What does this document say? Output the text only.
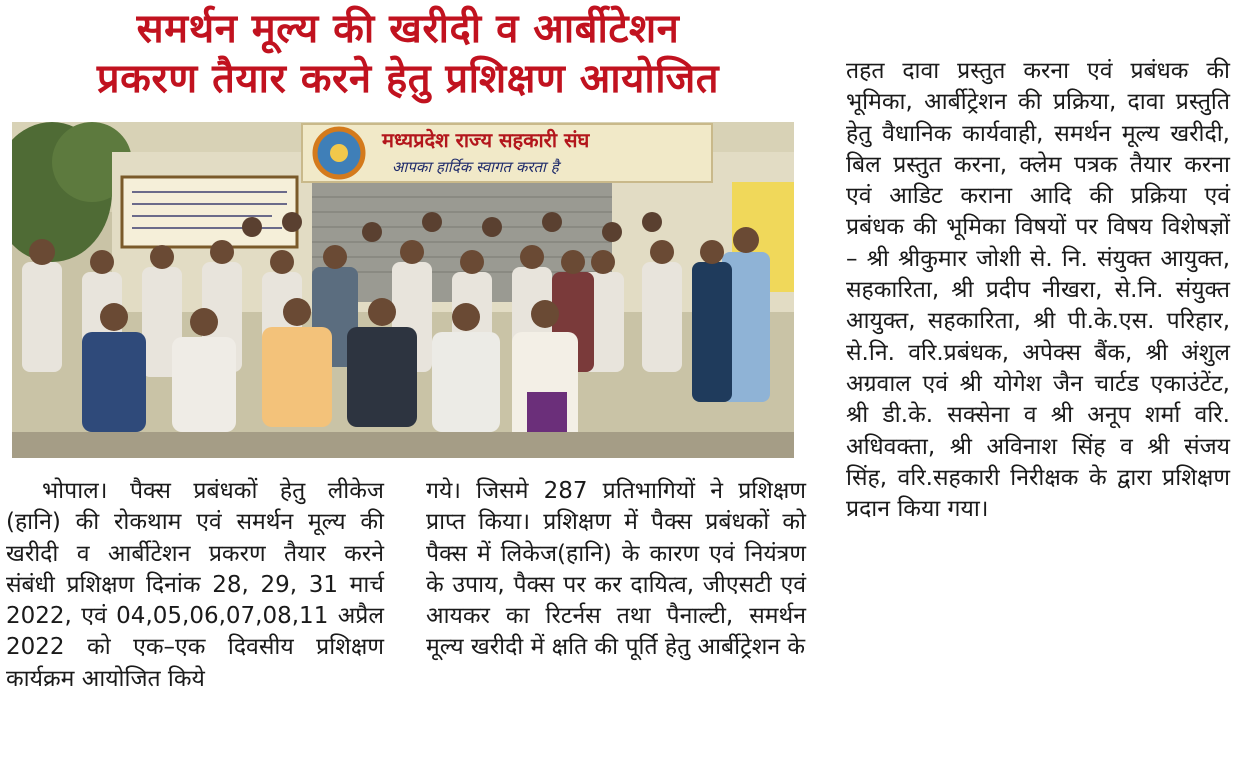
समर्थन मूल्य की खरीदी व आर्बीटेशन
प्रकरण तैयार करने हेतु प्रशिक्षण आयोजित
मध्यप्रदेश राज्य सहकारी संघ
आपका हार्दिक स्वागत करता है

भोपाल। पैक्स प्रबंधकों हेतु लीकेज (हानि) की रोकथाम एवं समर्थन मूल्य की खरीदी व आर्बीटेशन प्रकरण तैयार करने संबंधी प्रशिक्षण दिनांक 28, 29, 31 मार्च 2022, एवं 04,05,06,07,08,11 अप्रैल 2022 को एक–एक दिवसीय प्रशिक्षण कार्यक्रम आयोजित किये

गये। जिसमे 287 प्रतिभागियों ने प्रशिक्षण प्राप्त किया। प्रशिक्षण में पैक्स प्रबंधकों को पैक्स में लिकेज(हानि) के कारण एवं नियंत्रण के उपाय, पैक्स पर कर दायित्व, जीएसटी एवं आयकर का रिटर्नस तथा पैनाल्टी, समर्थन मूल्य खरीदी में क्षति की पूर्ति हेतु आर्बीट्रेशन के

तहत दावा प्रस्तुत करना एवं प्रबंधक की भूमिका, आर्बीट्रेशन की प्रक्रिया, दावा प्रस्तुति हेतु वैधानिक कार्यवाही, समर्थन मूल्य खरीदी, बिल प्रस्तुत करना, क्लेम पत्रक तैयार करना एवं आडिट कराना आदि की प्रक्रिया एवं प्रबंधक की भूमिका विषयों पर विषय विशेषज्ञों – श्री श्रीकुमार जोशी से. नि. संयुक्त आयुक्त, सहकारिता, श्री प्रदीप नीखरा, से.नि. संयुक्त आयुक्त, सहकारिता, श्री पी.के.एस. परिहार, से.नि. वरि.प्रबंधक, अपेक्स बैंक, श्री अंशुल अग्रवाल एवं श्री योगेश जैन चार्टड एकाउंटेंट, श्री डी.के. सक्सेना व श्री अनूप शर्मा वरि. अधिवक्ता, श्री अविनाश सिंह व श्री संजय सिंह, वरि.सहकारी निरीक्षक के द्वारा प्रशिक्षण प्रदान किया गया।
